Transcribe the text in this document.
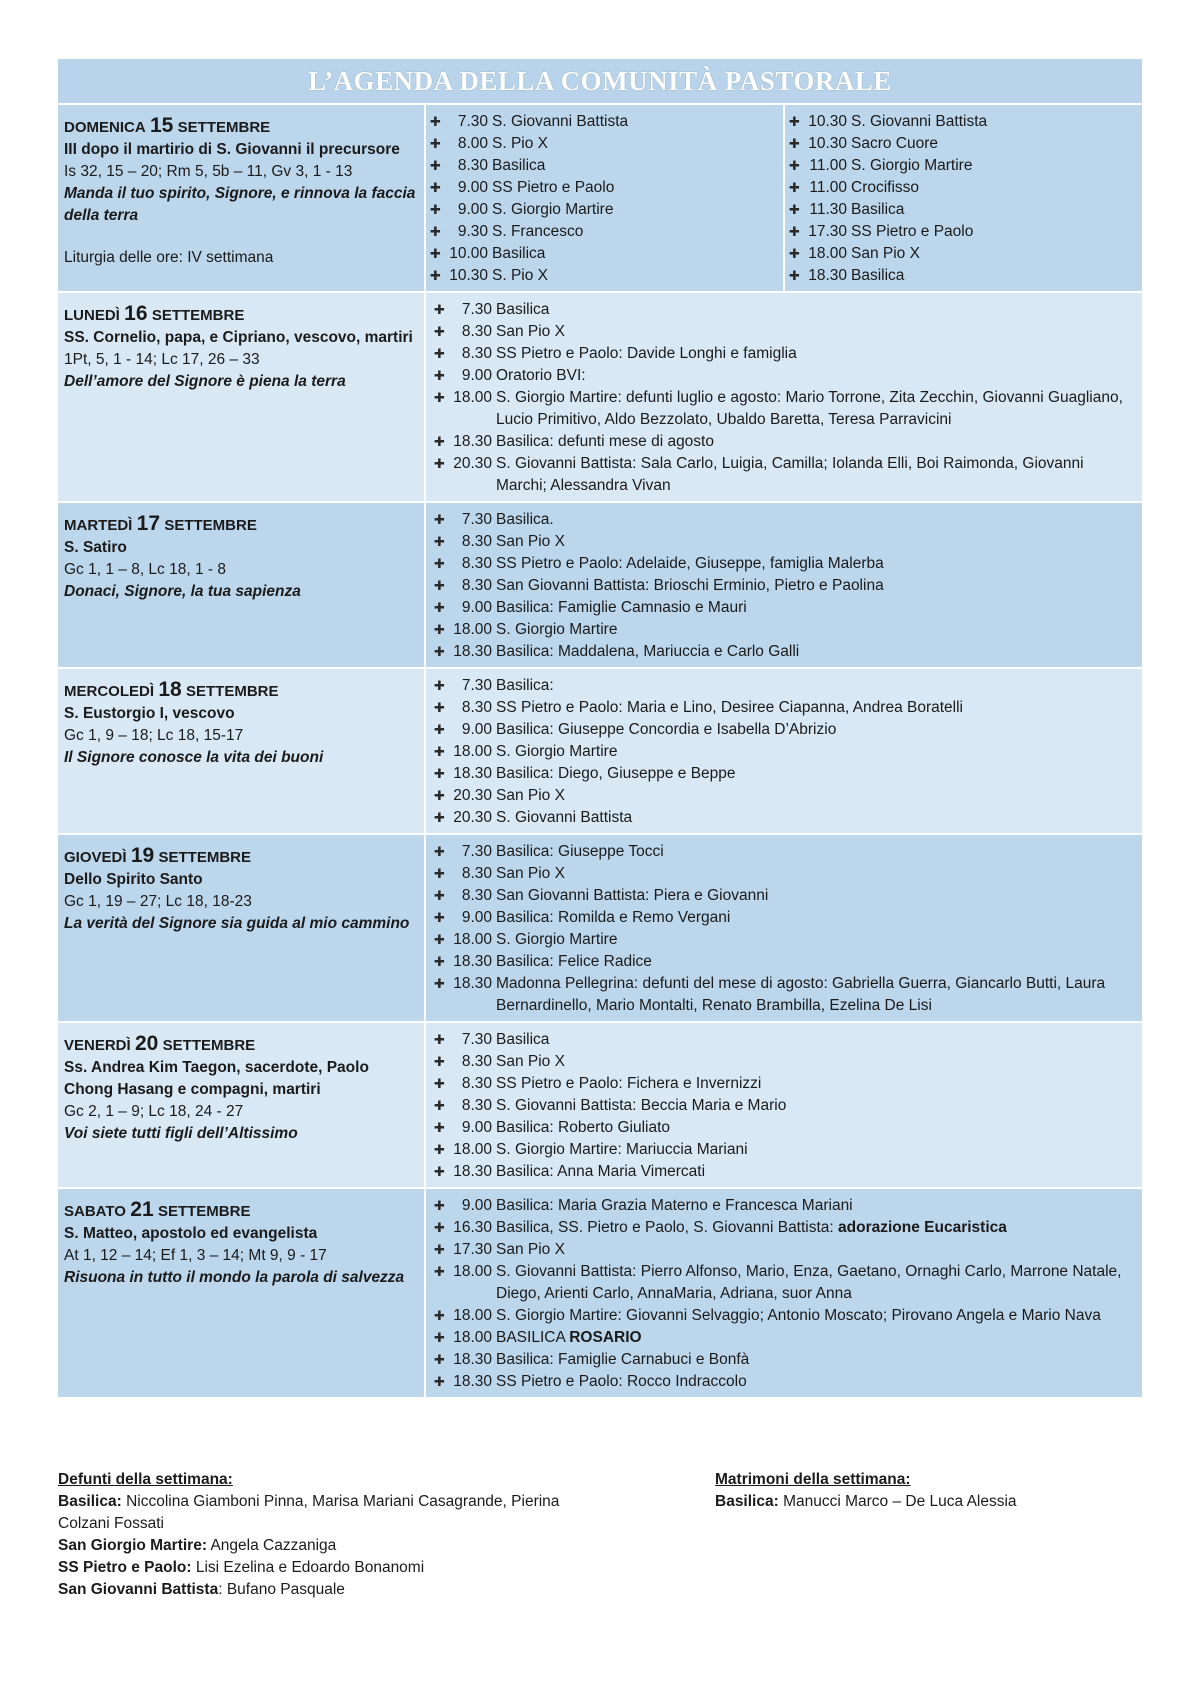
L’AGENDA DELLA COMUNITÀ PASTORALE
DOMENICA 15 SETTEMBRE
III dopo il martirio di S. Giovanni il precursore
Is 32, 15 – 20; Rm 5, 5b – 11, Gv 3, 1 - 13
Manda il tuo spirito, Signore, e rinnova la faccia della terra
Liturgia delle ore: IV settimana
✚	7.30 S. Giovanni Battista
✚	8.00 S. Pio X
✚	8.30 Basilica
✚	9.00 SS Pietro e Paolo
✚	9.00 S. Giorgio Martire
✚	9.30 S. Francesco
✚ 10.00 Basilica
✚ 10.30 S. Pio X
✚ 10.30 S. Giovanni Battista
✚ 10.30 Sacro Cuore
✚ 11.00 S. Giorgio Martire
✚ 11.00 Crocifisso
✚ 11.30 Basilica
✚ 17.30 SS Pietro e Paolo
✚ 18.00 San Pio X
✚ 18.30 Basilica
LUNEDÌ 16 SETTEMBRE
SS. Cornelio, papa, e Cipriano, vescovo, martiri
1Pt, 5, 1 - 14; Lc 17, 26 – 33
Dell’amore del Signore è piena la terra
✚	7.30 Basilica
✚	8.30 San Pio X
✚	8.30 SS Pietro e Paolo: Davide Longhi e famiglia
✚	9.00 Oratorio BVI:
✚ 18.00 S. Giorgio Martire: defunti luglio e agosto: Mario Torrone, Zita Zecchin, Giovanni Guagliano, Lucio Primitivo, Aldo Bezzolato, Ubaldo Baretta, Teresa Parravicini
✚ 18.30 Basilica: defunti mese di agosto
✚ 20.30 S. Giovanni Battista: Sala Carlo, Luigia, Camilla; Iolanda Elli, Boi Raimonda, Giovanni Marchi; Alessandra Vivan
MARTEDÌ 17 SETTEMBRE
S. Satiro
Gc 1, 1 – 8, Lc 18, 1 - 8
Donaci, Signore, la tua sapienza
✚	7.30 Basilica.
✚	8.30 San Pio X
✚	8.30 SS Pietro e Paolo: Adelaide, Giuseppe, famiglia Malerba
✚	8.30 San Giovanni Battista: Brioschi Erminio, Pietro e Paolina
✚	9.00 Basilica: Famiglie Camnasio e Mauri
✚ 18.00 S. Giorgio Martire
✚ 18.30 Basilica: Maddalena, Mariuccia e Carlo Galli
MERCOLEDÌ 18 SETTEMBRE
S. Eustorgio I, vescovo
Gc 1, 9 – 18; Lc 18, 15-17
Il Signore conosce la vita dei buoni
✚	7.30 Basilica:
✚	8.30 SS Pietro e Paolo: Maria e Lino, Desiree Ciapanna, Andrea Boratelli
✚	9.00 Basilica: Giuseppe Concordia e Isabella D’Abrizio
✚ 18.00 S. Giorgio Martire
✚ 18.30 Basilica: Diego, Giuseppe e Beppe
✚ 20.30 San Pio X
✚ 20.30 S. Giovanni Battista
GIOVEDÌ 19 SETTEMBRE
Dello Spirito Santo
Gc 1, 19 – 27; Lc 18, 18-23
La verità del Signore sia guida al mio cammino
✚	7.30 Basilica: Giuseppe Tocci
✚	8.30 San Pio X
✚	8.30 San Giovanni Battista: Piera e Giovanni
✚	9.00 Basilica: Romilda e Remo Vergani
✚ 18.00 S. Giorgio Martire
✚ 18.30 Basilica: Felice Radice
✚ 18.30 Madonna Pellegrina: defunti del mese di agosto: Gabriella Guerra, Giancarlo Butti, Laura Bernardinello, Mario Montalti, Renato Brambilla, Ezelina De Lisi
VENERDÌ 20 SETTEMBRE
Ss. Andrea Kim Taegon, sacerdote, Paolo Chong Hasang e compagni, martiri
Gc 2, 1 – 9; Lc 18, 24 - 27
Voi siete tutti figli dell’Altissimo
✚	7.30 Basilica
✚	8.30 San Pio X
✚	8.30 SS Pietro e Paolo: Fichera e Invernizzi
✚	8.30 S. Giovanni Battista: Beccia Maria e Mario
✚	9.00 Basilica: Roberto Giuliato
✚ 18.00 S. Giorgio Martire: Mariuccia Mariani
✚ 18.30 Basilica: Anna Maria Vimercati
SABATO 21 SETTEMBRE
S. Matteo, apostolo ed evangelista
At 1, 12 – 14; Ef 1, 3 – 14; Mt 9, 9 - 17
Risuona in tutto il mondo la parola di salvezza
✚	9.00 Basilica: Maria Grazia Materno e Francesca Mariani
✚ 16.30 Basilica, SS. Pietro e Paolo, S. Giovanni Battista: adorazione Eucaristica
✚ 17.30 San Pio X
✚ 18.00 S. Giovanni Battista: Pierro Alfonso, Mario, Enza, Gaetano, Ornaghi Carlo, Marrone Natale, Diego, Arienti Carlo, AnnaMaria, Adriana, suor Anna
✚ 18.00 S. Giorgio Martire: Giovanni Selvaggio; Antonio Moscato; Pirovano Angela e Mario Nava
✚ 18.00 BASILICA ROSARIO
✚ 18.30 Basilica: Famiglie Carnabuci e Bonfà
✚ 18.30 SS Pietro e Paolo: Rocco Indraccolo
Defunti della settimana:
Basilica: Niccolina Giamboni Pinna, Marisa Mariani Casagrande, Pierina Colzani Fossati
San Giorgio Martire: Angela Cazzaniga
SS Pietro e Paolo: Lisi Ezelina e Edoardo Bonanomi
San Giovanni Battista: Bufano Pasquale
Matrimoni della settimana:
Basilica: Manucci Marco – De Luca Alessia
